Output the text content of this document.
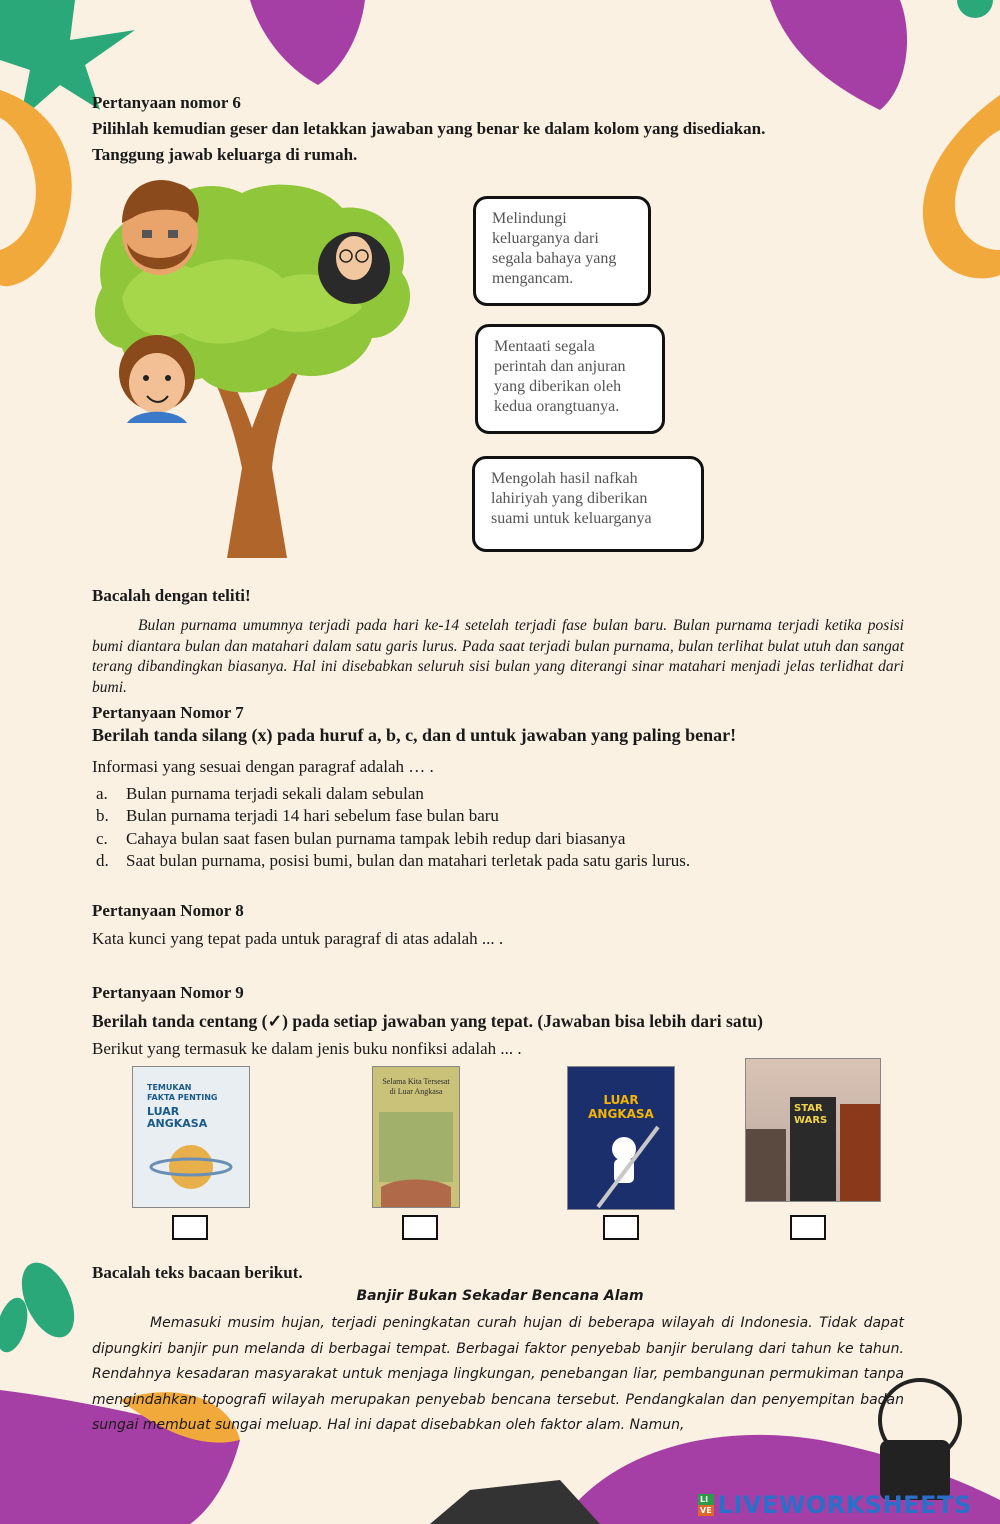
Pertanyaan nomor 6
Pilihlah kemudian geser dan letakkan jawaban yang benar ke dalam kolom yang disediakan.
Tanggung jawab keluarga di rumah.
Melindungi keluarganya dari segala bahaya yang mengancam.
Mentaati segala perintah dan anjuran yang diberikan oleh kedua orangtuanya.
Mengolah hasil nafkah lahiriyah yang diberikan suami untuk keluarganya
Bacalah dengan teliti!
Bulan purnama umumnya terjadi pada hari ke-14 setelah terjadi fase bulan baru. Bulan purnama terjadi ketika posisi bumi diantara bulan dan matahari dalam satu garis lurus. Pada saat terjadi bulan purnama, bulan terlihat bulat utuh dan sangat terang dibandingkan biasanya. Hal ini disebabkan seluruh sisi bulan yang diterangi sinar matahari menjadi jelas terlidhat dari bumi.
Pertanyaan Nomor 7
Berilah tanda silang (x) pada huruf a, b, c, dan d untuk jawaban yang paling benar!
Informasi yang sesuai dengan paragraf adalah … .
a. Bulan purnama terjadi sekali dalam sebulan
b. Bulan purnama terjadi 14 hari sebelum fase bulan baru
c. Cahaya bulan saat fasen bulan purnama tampak lebih redup dari biasanya
d. Saat bulan purnama, posisi bumi, bulan dan matahari terletak pada satu garis lurus.
Pertanyaan Nomor 8
Kata kunci yang tepat pada untuk paragraf di atas adalah ... .
Pertanyaan Nomor 9
Berilah tanda centang (✓) pada setiap jawaban yang tepat. (Jawaban bisa lebih dari satu)
Berikut yang termasuk ke dalam jenis buku nonfiksi adalah ... .
TEMUKAN
FAKTA PENTING
LUAR
ANGKASA
Selama Kita Tersesat
di Luar Angkasa
LUAR
ANGKASA	STAR
WARS
Bacalah teks bacaan berikut.
Banjir Bukan Sekadar Bencana Alam
Memasuki musim hujan, terjadi peningkatan curah hujan di beberapa wilayah di Indonesia. Tidak dapat dipungkiri banjir pun melanda di berbagai tempat. Berbagai faktor penyebab banjir berulang dari tahun ke tahun. Rendahnya kesadaran masyarakat untuk menjaga lingkungan, penebangan liar, pembangunan permukiman tanpa mengindahkan topografi wilayah merupakan penyebab bencana tersebut. Pendangkalan dan penyempitan badan sungai membuat sungai meluap. Hal ini dapat disebabkan oleh faktor alam. Namun,
LI
VE LIVEWORKSHEETS
